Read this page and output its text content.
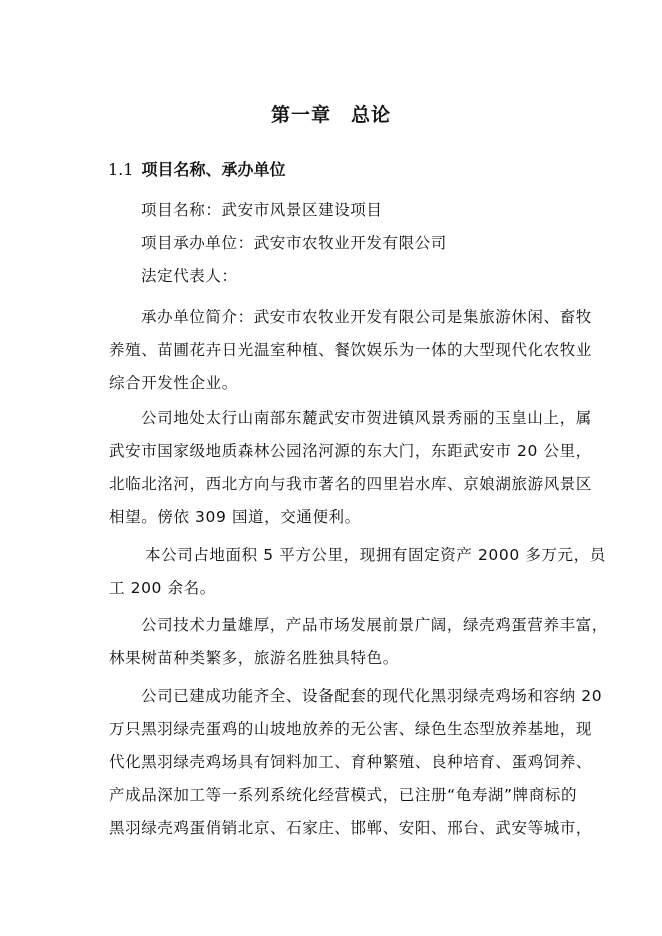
第一章　总论
1.1 项目名称、承办单位
项目名称：武安市风景区建设项目
项目承办单位：武安市农牧业开发有限公司
法定代表人：
承办单位简介：武安市农牧业开发有限公司是集旅游休闲、畜牧
养殖、苗圃花卉日光温室种植、餐饮娱乐为一体的大型现代化农牧业
综合开发性企业。
公司地处太行山南部东麓武安市贺进镇风景秀丽的玉皇山上，属
武安市国家级地质森林公园洺河源的东大门，东距武安市 20 公里，
北临北洺河，西北方向与我市著名的四里岩水库、京娘湖旅游风景区
相望。傍依 309 国道，交通便利。
本公司占地面积 5 平方公里，现拥有固定资产 2000 多万元，员
工 200 余名。
公司技术力量雄厚，产品市场发展前景广阔，绿壳鸡蛋营养丰富，
林果树苗种类繁多，旅游名胜独具特色。
公司已建成功能齐全、设备配套的现代化黑羽绿壳鸡场和容纳 20
万只黑羽绿壳蛋鸡的山坡地放养的无公害、绿色生态型放养基地，现
代化黑羽绿壳鸡场具有饲料加工、育种繁殖、良种培育、蛋鸡饲养、
产成品深加工等一系列系统化经营模式，已注册“龟寿湖”牌商标的
黑羽绿壳鸡蛋俏销北京、石家庄、邯郸、安阳、邢台、武安等城市，
